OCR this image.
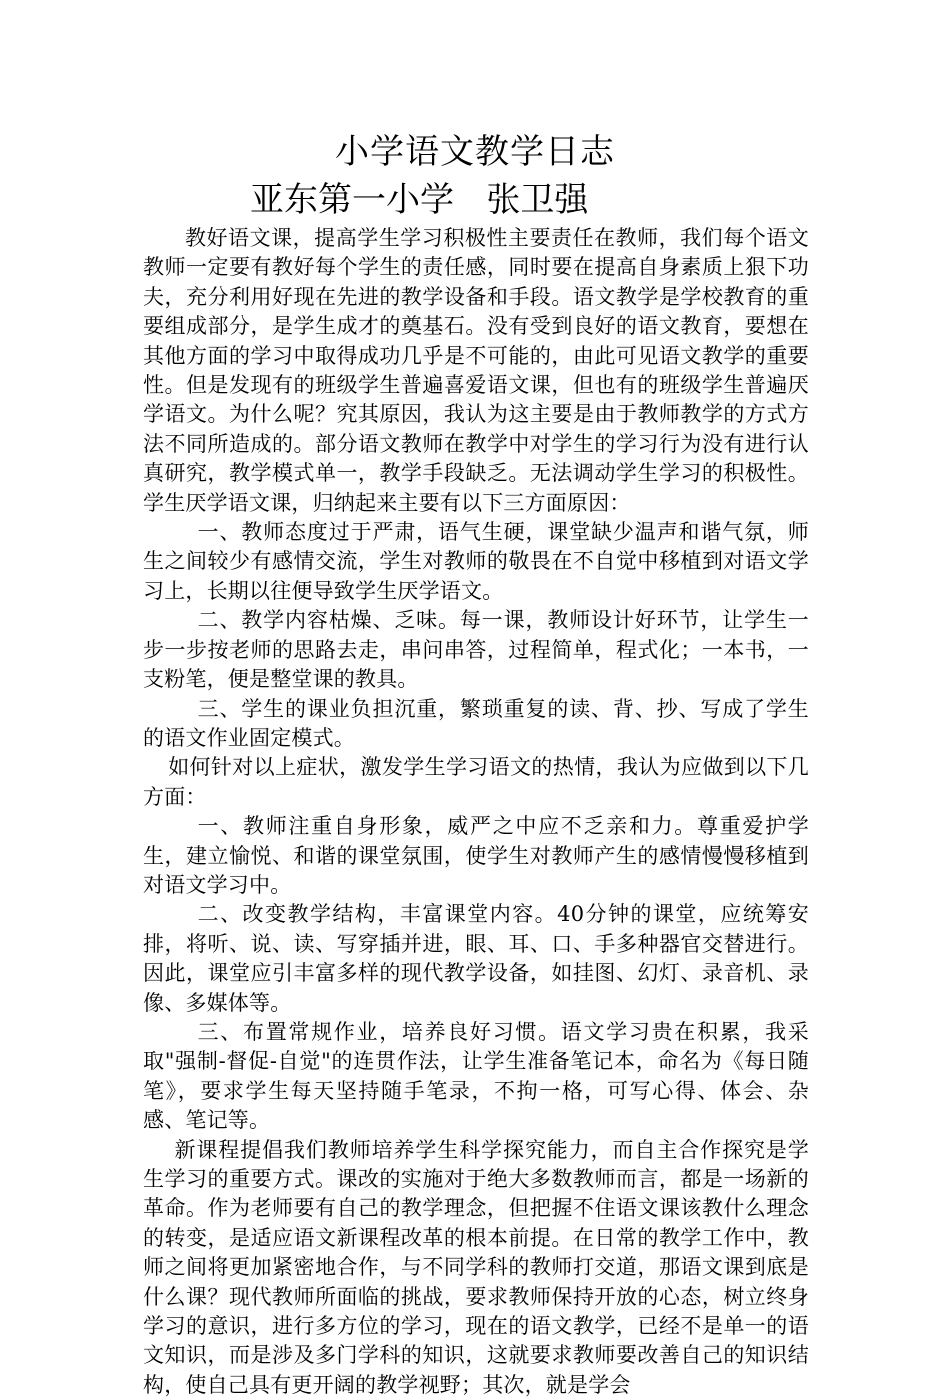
小学语文教学日志
亚东第一小学   张卫强

教好语文课，提高学生学习积极性主要责任在教师，我们每个语文教师一定要有教好每个学生的责任感，同时要在提高自身素质上狠下功夫，充分利用好现在先进的教学设备和手段。语文教学是学校教育的重要组成部分，是学生成才的奠基石。没有受到良好的语文教育，要想在其他方面的学习中取得成功几乎是不可能的，由此可见语文教学的重要性。但是发现有的班级学生普遍喜爱语文课，但也有的班级学生普遍厌学语文。为什么呢？究其原因，我认为这主要是由于教师教学的方式方法不同所造成的。部分语文教师在教学中对学生的学习行为没有进行认真研究，教学模式单一，教学手段缺乏。无法调动学生学习的积极性。学生厌学语文课，归纳起来主要有以下三方面原因：

一、教师态度过于严肃，语气生硬，课堂缺少温声和谐气氛，师生之间较少有感情交流，学生对教师的敬畏在不自觉中移植到对语文学习上，长期以往便导致学生厌学语文。

二、教学内容枯燥、乏味。每一课，教师设计好环节，让学生一步一步按老师的思路去走，串问串答，过程简单，程式化；一本书，一支粉笔，便是整堂课的教具。

三、学生的课业负担沉重，繁琐重复的读、背、抄、写成了学生的语文作业固定模式。

如何针对以上症状，激发学生学习语文的热情，我认为应做到以下几方面：

一、教师注重自身形象，威严之中应不乏亲和力。尊重爱护学生，建立愉悦、和谐的课堂氛围，使学生对教师产生的感情慢慢移植到对语文学习中。

二、改变教学结构，丰富课堂内容。40分钟的课堂，应统筹安排，将听、说、读、写穿插并进，眼、耳、口、手多种器官交替进行。因此，课堂应引丰富多样的现代教学设备，如挂图、幻灯、录音机、录像、多媒体等。

三、布置常规作业，培养良好习惯。语文学习贵在积累，我采取"强制-督促-自觉"的连贯作法，让学生准备笔记本，命名为《每日随笔》，要求学生每天坚持随手笔录，不拘一格，可写心得、体会、杂感、笔记等。

新课程提倡我们教师培养学生科学探究能力，而自主合作探究是学生学习的重要方式。课改的实施对于绝大多数教师而言，都是一场新的革命。作为老师要有自己的教学理念，但把握不住语文课该教什么理念的转变，是适应语文新课程改革的根本前提。在日常的教学工作中，教师之间将更加紧密地合作，与不同学科的教师打交道，那语文课到底是什么课？现代教师所面临的挑战，要求教师保持开放的心态，树立终身学习的意识，进行多方位的学习，现在的语文教学，已经不是单一的语文知识，而是涉及多门学科的知识，这就要求教师要改善自己的知识结构，使自己具有更开阔的教学视野；其次，就是学会
